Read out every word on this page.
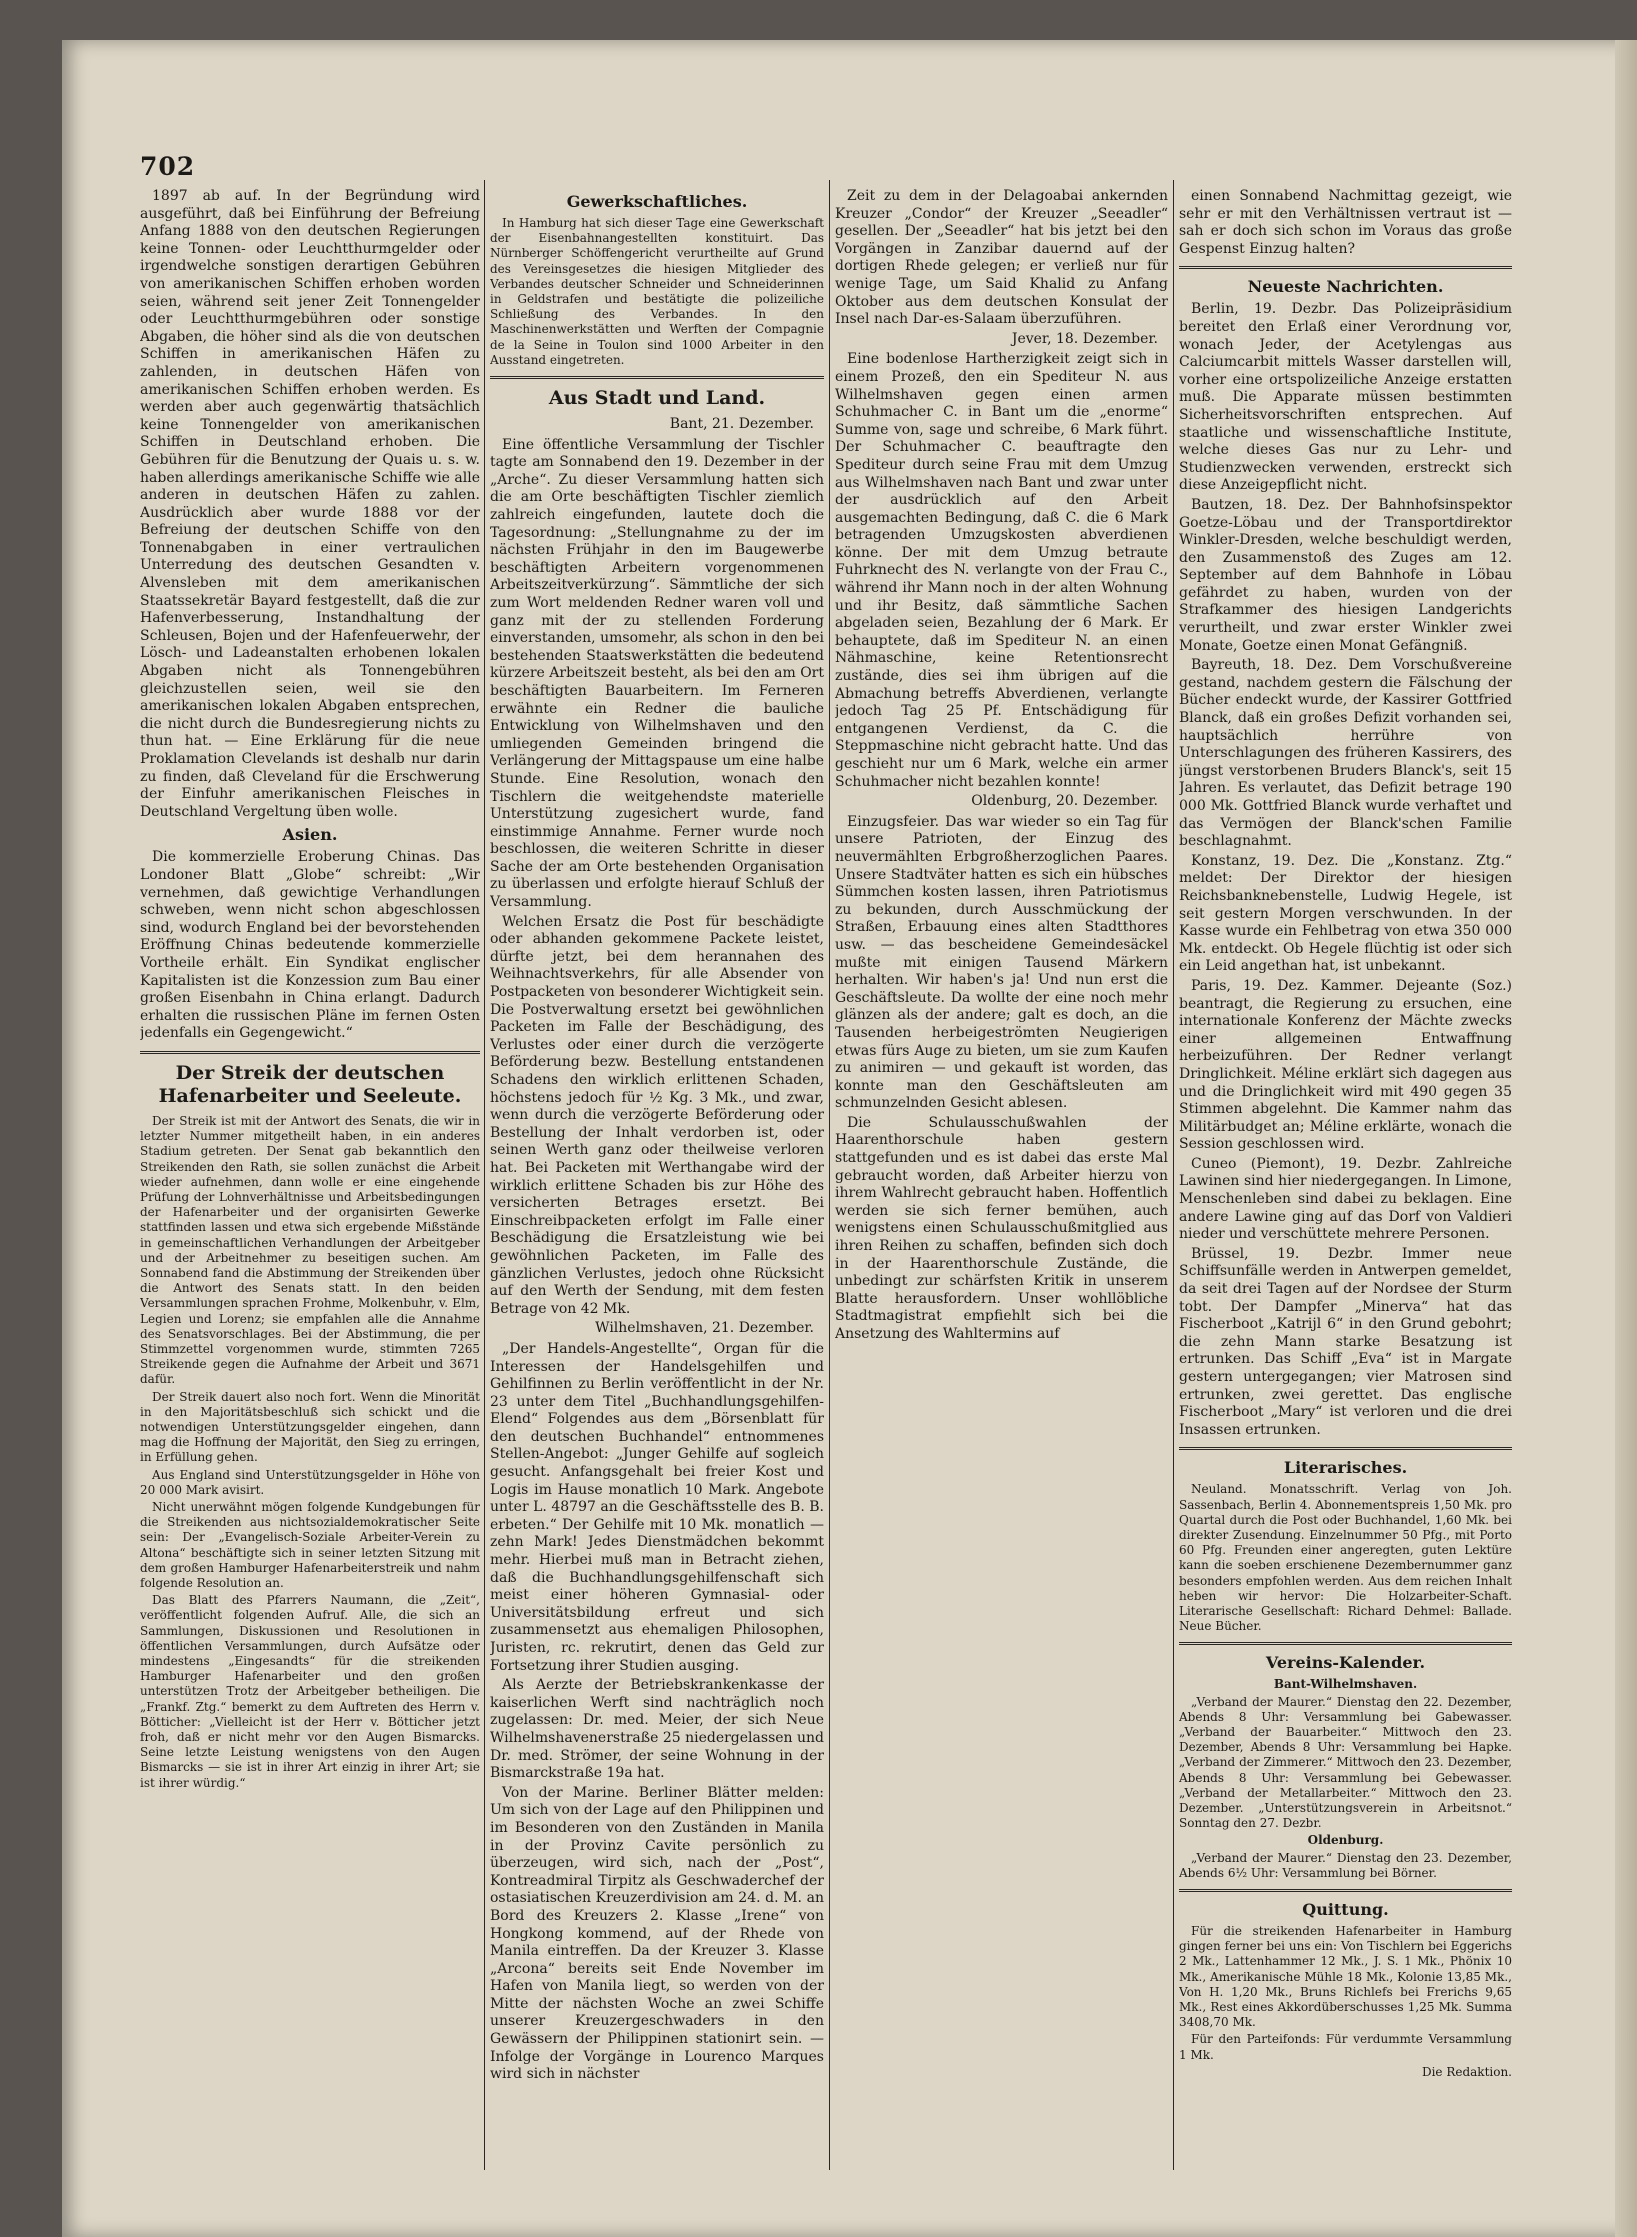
702

1897 ab auf. In der Begründung wird ausgeführt, daß bei Einführung der Befreiung Anfang 1888 von den deutschen Regierungen keine Tonnen- oder Leuchtthurmgelder oder irgendwelche sonstigen derartigen Gebühren von amerikanischen Schiffen erhoben worden seien, während seit jener Zeit Tonnengelder oder Leuchtthurmgebühren oder sonstige Abgaben, die höher sind als die von deutschen Schiffen in amerikanischen Häfen zu zahlenden, in deutschen Häfen von amerikanischen Schiffen erhoben werden. Es werden aber auch gegenwärtig thatsächlich keine Tonnengelder von amerikanischen Schiffen in Deutschland erhoben. Die Gebühren für die Benutzung der Quais u. s. w. haben allerdings amerikanische Schiffe wie alle anderen in deutschen Häfen zu zahlen. Ausdrücklich aber wurde 1888 vor der Befreiung der deutschen Schiffe von den Tonnenabgaben in einer vertraulichen Unterredung des deutschen Gesandten v. Alvensleben mit dem amerikanischen Staatssekretär Bayard festgestellt, daß die zur Hafenverbesserung, Instandhaltung der Schleusen, Bojen und der Hafenfeuerwehr, der Lösch- und Ladeanstalten erhobenen lokalen Abgaben nicht als Tonnengebühren gleichzustellen seien, weil sie den amerikanischen lokalen Abgaben entsprechen, die nicht durch die Bundesregierung nichts zu thun hat. — Eine Erklärung für die neue Proklamation Clevelands ist deshalb nur darin zu finden, daß Cleveland für die Erschwerung der Einfuhr amerikanischen Fleisches in Deutschland Vergeltung üben wolle.

Asien.

Die kommerzielle Eroberung Chinas. Das Londoner Blatt „Globe“ schreibt: „Wir vernehmen, daß gewichtige Verhandlungen schweben, wenn nicht schon abgeschlossen sind, wodurch England bei der bevorstehenden Eröffnung Chinas bedeutende kommerzielle Vortheile erhält. Ein Syndikat englischer Kapitalisten ist die Konzession zum Bau einer großen Eisenbahn in China erlangt. Dadurch erhalten die russischen Pläne im fernen Osten jedenfalls ein Gegengewicht.“

Der Streik der deutschen Hafenarbeiter und Seeleute.

Der Streik ist mit der Antwort des Senats, die wir in letzter Nummer mitgetheilt haben, in ein anderes Stadium getreten. Der Senat gab bekanntlich den Streikenden den Rath, sie sollen zunächst die Arbeit wieder aufnehmen, dann wolle er eine eingehende Prüfung der Lohnverhältnisse und Arbeitsbedingungen der Hafenarbeiter und der organisirten Gewerke stattfinden lassen und etwa sich ergebende Mißstände in gemeinschaftlichen Verhandlungen der Arbeitgeber und der Arbeitnehmer zu beseitigen suchen. Am Sonnabend fand die Abstimmung der Streikenden über die Antwort des Senats statt. In den beiden Versammlungen sprachen Frohme, Molkenbuhr, v. Elm, Legien und Lorenz; sie empfahlen alle die Annahme des Senatsvorschlages. Bei der Abstimmung, die per Stimmzettel vorgenommen wurde, stimmten 7265 Streikende gegen die Aufnahme der Arbeit und 3671 dafür.

Der Streik dauert also noch fort. Wenn die Minorität in den Majoritätsbeschluß sich schickt und die notwendigen Unterstützungsgelder eingehen, dann mag die Hoffnung der Majorität, den Sieg zu erringen, in Erfüllung gehen.

Aus England sind Unterstützungsgelder in Höhe von 20 000 Mark avisirt.

Nicht unerwähnt mögen folgende Kundgebungen für die Streikenden aus nichtsozialdemokratischer Seite sein: Der „Evangelisch-Soziale Arbeiter-Verein zu Altona“ beschäftigte sich in seiner letzten Sitzung mit dem großen Hamburger Hafenarbeiterstreik und nahm folgende Resolution an.

Das Blatt des Pfarrers Naumann, die „Zeit“, veröffentlicht folgenden Aufruf. Alle, die sich an Sammlungen, Diskussionen und Resolutionen in öffentlichen Versammlungen, durch Aufsätze oder mindestens „Eingesandts“ für die streikenden Hamburger Hafenarbeiter und den großen unterstützen Trotz der Arbeitgeber betheiligen. Die „Frankf. Ztg.“ bemerkt zu dem Auftreten des Herrn v. Bötticher: „Vielleicht ist der Herr v. Bötticher jetzt froh, daß er nicht mehr vor den Augen Bismarcks. Seine letzte Leistung wenigstens von den Augen Bismarcks — sie ist in ihrer Art einzig in ihrer Art; sie ist ihrer würdig.“

Gewerkschaftliches.

In Hamburg hat sich dieser Tage eine Gewerkschaft der Eisenbahnangestellten konstituirt. Das Nürnberger Schöffengericht verurtheilte auf Grund des Vereinsgesetzes die hiesigen Mitglieder des Verbandes deutscher Schneider und Schneiderinnen in Geldstrafen und bestätigte die polizeiliche Schließung des Verbandes. In den Maschinenwerkstätten und Werften der Compagnie de la Seine in Toulon sind 1000 Arbeiter in den Ausstand eingetreten.

Aus Stadt und Land.
Bant, 21. Dezember.

Eine öffentliche Versammlung der Tischler tagte am Sonnabend den 19. Dezember in der „Arche“. Zu dieser Versammlung hatten sich die am Orte beschäftigten Tischler ziemlich zahlreich eingefunden, lautete doch die Tagesordnung: „Stellungnahme zu der im nächsten Frühjahr in den im Baugewerbe beschäftigten Arbeitern vorgenommenen Arbeitszeitverkürzung“. Sämmtliche der sich zum Wort meldenden Redner waren voll und ganz mit der zu stellenden Forderung einverstanden, umsomehr, als schon in den bei bestehenden Staatswerkstätten die bedeutend kürzere Arbeitszeit besteht, als bei den am Ort beschäftigten Bauarbeitern. Im Ferneren erwähnte ein Redner die bauliche Entwicklung von Wilhelmshaven und den umliegenden Gemeinden bringend die Verlängerung der Mittagspause um eine halbe Stunde. Eine Resolution, wonach den Tischlern die weitgehendste materielle Unterstützung zugesichert wurde, fand einstimmige Annahme. Ferner wurde noch beschlossen, die weiteren Schritte in dieser Sache der am Orte bestehenden Organisation zu überlassen und erfolgte hierauf Schluß der Versammlung.

Welchen Ersatz die Post für beschädigte oder abhanden gekommene Packete leistet, dürfte jetzt, bei dem herannahen des Weihnachtsverkehrs, für alle Absender von Postpacketen von besonderer Wichtigkeit sein. Die Postverwaltung ersetzt bei gewöhnlichen Packeten im Falle der Beschädigung, des Verlustes oder einer durch die verzögerte Beförderung bezw. Bestellung entstandenen Schadens den wirklich erlittenen Schaden, höchstens jedoch für ½ Kg. 3 Mk., und zwar, wenn durch die verzögerte Beförderung oder Bestellung der Inhalt verdorben ist, oder seinen Werth ganz oder theilweise verloren hat. Bei Packeten mit Werthangabe wird der wirklich erlittene Schaden bis zur Höhe des versicherten Betrages ersetzt. Bei Einschreibpacketen erfolgt im Falle einer Beschädigung die Ersatzleistung wie bei gewöhnlichen Packeten, im Falle des gänzlichen Verlustes, jedoch ohne Rücksicht auf den Werth der Sendung, mit dem festen Betrage von 42 Mk.

Wilhelmshaven, 21. Dezember.

„Der Handels-Angestellte“, Organ für die Interessen der Handelsgehilfen und Gehilfinnen zu Berlin veröffentlicht in der Nr. 23 unter dem Titel „Buchhandlungsgehilfen-Elend“ Folgendes aus dem „Börsenblatt für den deutschen Buchhandel“ entnommenes Stellen-Angebot: „Junger Gehilfe auf sogleich gesucht. Anfangsgehalt bei freier Kost und Logis im Hause monatlich 10 Mark. Angebote unter L. 48797 an die Geschäftsstelle des B. B. erbeten.“ Der Gehilfe mit 10 Mk. monatlich — zehn Mark! Jedes Dienstmädchen bekommt mehr. Hierbei muß man in Betracht ziehen, daß die Buchhandlungsgehilfenschaft sich meist einer höheren Gymnasial- oder Universitätsbildung erfreut und sich zusammensetzt aus ehemaligen Philosophen, Juristen, rc. rekrutirt, denen das Geld zur Fortsetzung ihrer Studien ausging.

Als Aerzte der Betriebskrankenkasse der kaiserlichen Werft sind nachträglich noch zugelassen: Dr. med. Meier, der sich Neue Wilhelmshavenerstraße 25 niedergelassen und Dr. med. Strömer, der seine Wohnung in der Bismarckstraße 19a hat.

Von der Marine. Berliner Blätter melden: Um sich von der Lage auf den Philippinen und im Besonderen von den Zuständen in Manila in der Provinz Cavite persönlich zu überzeugen, wird sich, nach der „Post“, Kontreadmiral Tirpitz als Geschwaderchef der ostasiatischen Kreuzerdivision am 24. d. M. an Bord des Kreuzers 2. Klasse „Irene“ von Hongkong kommend, auf der Rhede von Manila eintreffen. Da der Kreuzer 3. Klasse „Arcona“ bereits seit Ende November im Hafen von Manila liegt, so werden von der Mitte der nächsten Woche an zwei Schiffe unserer Kreuzergeschwaders in den Gewässern der Philippinen stationirt sein. — Infolge der Vorgänge in Lourenco Marques wird sich in nächster

Zeit zu dem in der Delagoabai ankernden Kreuzer „Condor“ der Kreuzer „Seeadler“ gesellen. Der „Seeadler“ hat bis jetzt bei den Vorgängen in Zanzibar dauernd auf der dortigen Rhede gelegen; er verließ nur für wenige Tage, um Said Khalid zu Anfang Oktober aus dem deutschen Konsulat der Insel nach Dar-es-Salaam überzuführen.

Jever, 18. Dezember.

Eine bodenlose Hartherzigkeit zeigt sich in einem Prozeß, den ein Spediteur N. aus Wilhelmshaven gegen einen armen Schuhmacher C. in Bant um die „enorme“ Summe von, sage und schreibe, 6 Mark führt. Der Schuhmacher C. beauftragte den Spediteur durch seine Frau mit dem Umzug aus Wilhelmshaven nach Bant und zwar unter der ausdrücklich auf den Arbeit ausgemachten Bedingung, daß C. die 6 Mark betragenden Umzugskosten abverdienen könne. Der mit dem Umzug betraute Fuhrknecht des N. verlangte von der Frau C., während ihr Mann noch in der alten Wohnung und ihr Besitz, daß sämmtliche Sachen abgeladen seien, Bezahlung der 6 Mark. Er behauptete, daß im Spediteur N. an einen Nähmaschine, keine Retentionsrecht zustände, dies sei ihm übrigen auf die Abmachung betreffs Abverdienen, verlangte jedoch Tag 25 Pf. Entschädigung für entgangenen Verdienst, da C. die Steppmaschine nicht gebracht hatte. Und das geschieht nur um 6 Mark, welche ein armer Schuhmacher nicht bezahlen konnte!

Oldenburg, 20. Dezember.

Einzugsfeier. Das war wieder so ein Tag für unsere Patrioten, der Einzug des neuvermählten Erbgroßherzoglichen Paares. Unsere Stadtväter hatten es sich ein hübsches Sümmchen kosten lassen, ihren Patriotismus zu bekunden, durch Ausschmückung der Straßen, Erbauung eines alten Stadtthores usw. — das bescheidene Gemeindesäckel mußte mit einigen Tausend Märkern herhalten. Wir haben's ja! Und nun erst die Geschäftsleute. Da wollte der eine noch mehr glänzen als der andere; galt es doch, an die Tausenden herbeigeströmten Neugierigen etwas fürs Auge zu bieten, um sie zum Kaufen zu animiren — und gekauft ist worden, das konnte man den Geschäftsleuten am schmunzelnden Gesicht ablesen.

Die Schulausschußwahlen der Haarenthorschule haben gestern stattgefunden und es ist dabei das erste Mal gebraucht worden, daß Arbeiter hierzu von ihrem Wahlrecht gebraucht haben. Hoffentlich werden sie sich ferner bemühen, auch wenigstens einen Schulausschußmitglied aus ihren Reihen zu schaffen, befinden sich doch in der Haarenthorschule Zustände, die unbedingt zur schärfsten Kritik in unserem Blatte herausfordern. Unser wohllöbliche Stadtmagistrat empfiehlt sich bei die Ansetzung des Wahltermins auf

einen Sonnabend Nachmittag gezeigt, wie sehr er mit den Verhältnissen vertraut ist — sah er doch sich schon im Voraus das große Gespenst Einzug halten?

Neueste Nachrichten.

Berlin, 19. Dezbr. Das Polizeipräsidium bereitet den Erlaß einer Verordnung vor, wonach Jeder, der Acetylengas aus Calciumcarbit mittels Wasser darstellen will, vorher eine ortspolizeiliche Anzeige erstatten muß. Die Apparate müssen bestimmten Sicherheitsvorschriften entsprechen. Auf staatliche und wissenschaftliche Institute, welche dieses Gas nur zu Lehr- und Studienzwecken verwenden, erstreckt sich diese Anzeigepflicht nicht.

Bautzen, 18. Dez. Der Bahnhofsinspektor Goetze-Löbau und der Transportdirektor Winkler-Dresden, welche beschuldigt werden, den Zusammenstoß des Zuges am 12. September auf dem Bahnhofe in Löbau gefährdet zu haben, wurden von der Strafkammer des hiesigen Landgerichts verurtheilt, und zwar erster Winkler zwei Monate, Goetze einen Monat Gefängniß.

Bayreuth, 18. Dez. Dem Vorschußvereine gestand, nachdem gestern die Fälschung der Bücher endeckt wurde, der Kassirer Gottfried Blanck, daß ein großes Defizit vorhanden sei, hauptsächlich herrühre von Unterschlagungen des früheren Kassirers, des jüngst verstorbenen Bruders Blanck's, seit 15 Jahren. Es verlautet, das Defizit betrage 190 000 Mk. Gottfried Blanck wurde verhaftet und das Vermögen der Blanck'schen Familie beschlagnahmt.

Konstanz, 19. Dez. Die „Konstanz. Ztg.“ meldet: Der Direktor der hiesigen Reichsbanknebenstelle, Ludwig Hegele, ist seit gestern Morgen verschwunden. In der Kasse wurde ein Fehlbetrag von etwa 350 000 Mk. entdeckt. Ob Hegele flüchtig ist oder sich ein Leid angethan hat, ist unbekannt.

Paris, 19. Dez. Kammer. Dejeante (Soz.) beantragt, die Regierung zu ersuchen, eine internationale Konferenz der Mächte zwecks einer allgemeinen Entwaffnung herbeizuführen. Der Redner verlangt Dringlichkeit. Méline erklärt sich dagegen aus und die Dringlichkeit wird mit 490 gegen 35 Stimmen abgelehnt. Die Kammer nahm das Militärbudget an; Méline erklärte, wonach die Session geschlossen wird.

Cuneo (Piemont), 19. Dezbr. Zahlreiche Lawinen sind hier niedergegangen. In Limone, Menschenleben sind dabei zu beklagen. Eine andere Lawine ging auf das Dorf von Valdieri nieder und verschüttete mehrere Personen.

Brüssel, 19. Dezbr. Immer neue Schiffsunfälle werden in Antwerpen gemeldet, da seit drei Tagen auf der Nordsee der Sturm tobt. Der Dampfer „Minerva“ hat das Fischerboot „Katrijl 6“ in den Grund gebohrt; die zehn Mann starke Besatzung ist ertrunken. Das Schiff „Eva“ ist in Margate gestern untergegangen; vier Matrosen sind ertrunken, zwei gerettet. Das englische Fischerboot „Mary“ ist verloren und die drei Insassen ertrunken.

Literarisches.

Neuland. Monatsschrift. Verlag von Joh. Sassenbach, Berlin 4. Abonnementspreis 1,50 Mk. pro Quartal durch die Post oder Buchhandel, 1,60 Mk. bei direkter Zusendung. Einzelnummer 50 Pfg., mit Porto 60 Pfg. Freunden einer angeregten, guten Lektüre kann die soeben erschienene Dezembernummer ganz besonders empfohlen werden. Aus dem reichen Inhalt heben wir hervor: Die Holzarbeiter-Schaft. Literarische Gesellschaft: Richard Dehmel: Ballade. Neue Bücher.

Vereins-Kalender.

Bant-Wilhelmshaven.

„Verband der Maurer.“ Dienstag den 22. Dezember, Abends 8 Uhr: Versammlung bei Gabewasser. „Verband der Bauarbeiter.“ Mittwoch den 23. Dezember, Abends 8 Uhr: Versammlung bei Hapke. „Verband der Zimmerer.“ Mittwoch den 23. Dezember, Abends 8 Uhr: Versammlung bei Gebewasser. „Verband der Metallarbeiter.“ Mittwoch den 23. Dezember. „Unterstützungsverein in Arbeitsnot.“ Sonntag den 27. Dezbr.

Oldenburg.

„Verband der Maurer.“ Dienstag den 23. Dezember, Abends 6½ Uhr: Versammlung bei Börner.

Quittung.

Für die streikenden Hafenarbeiter in Hamburg gingen ferner bei uns ein: Von Tischlern bei Eggerichs 2 Mk., Lattenhammer 12 Mk., J. S. 1 Mk., Phönix 10 Mk., Amerikanische Mühle 18 Mk., Kolonie 13,85 Mk., Von H. 1,20 Mk., Bruns Richlefs bei Frerichs 9,65 Mk., Rest eines Akkordüberschusses 1,25 Mk. Summa 3408,70 Mk.

Für den Parteifonds: Für verdummte Versammlung 1 Mk.

Die Redaktion.
